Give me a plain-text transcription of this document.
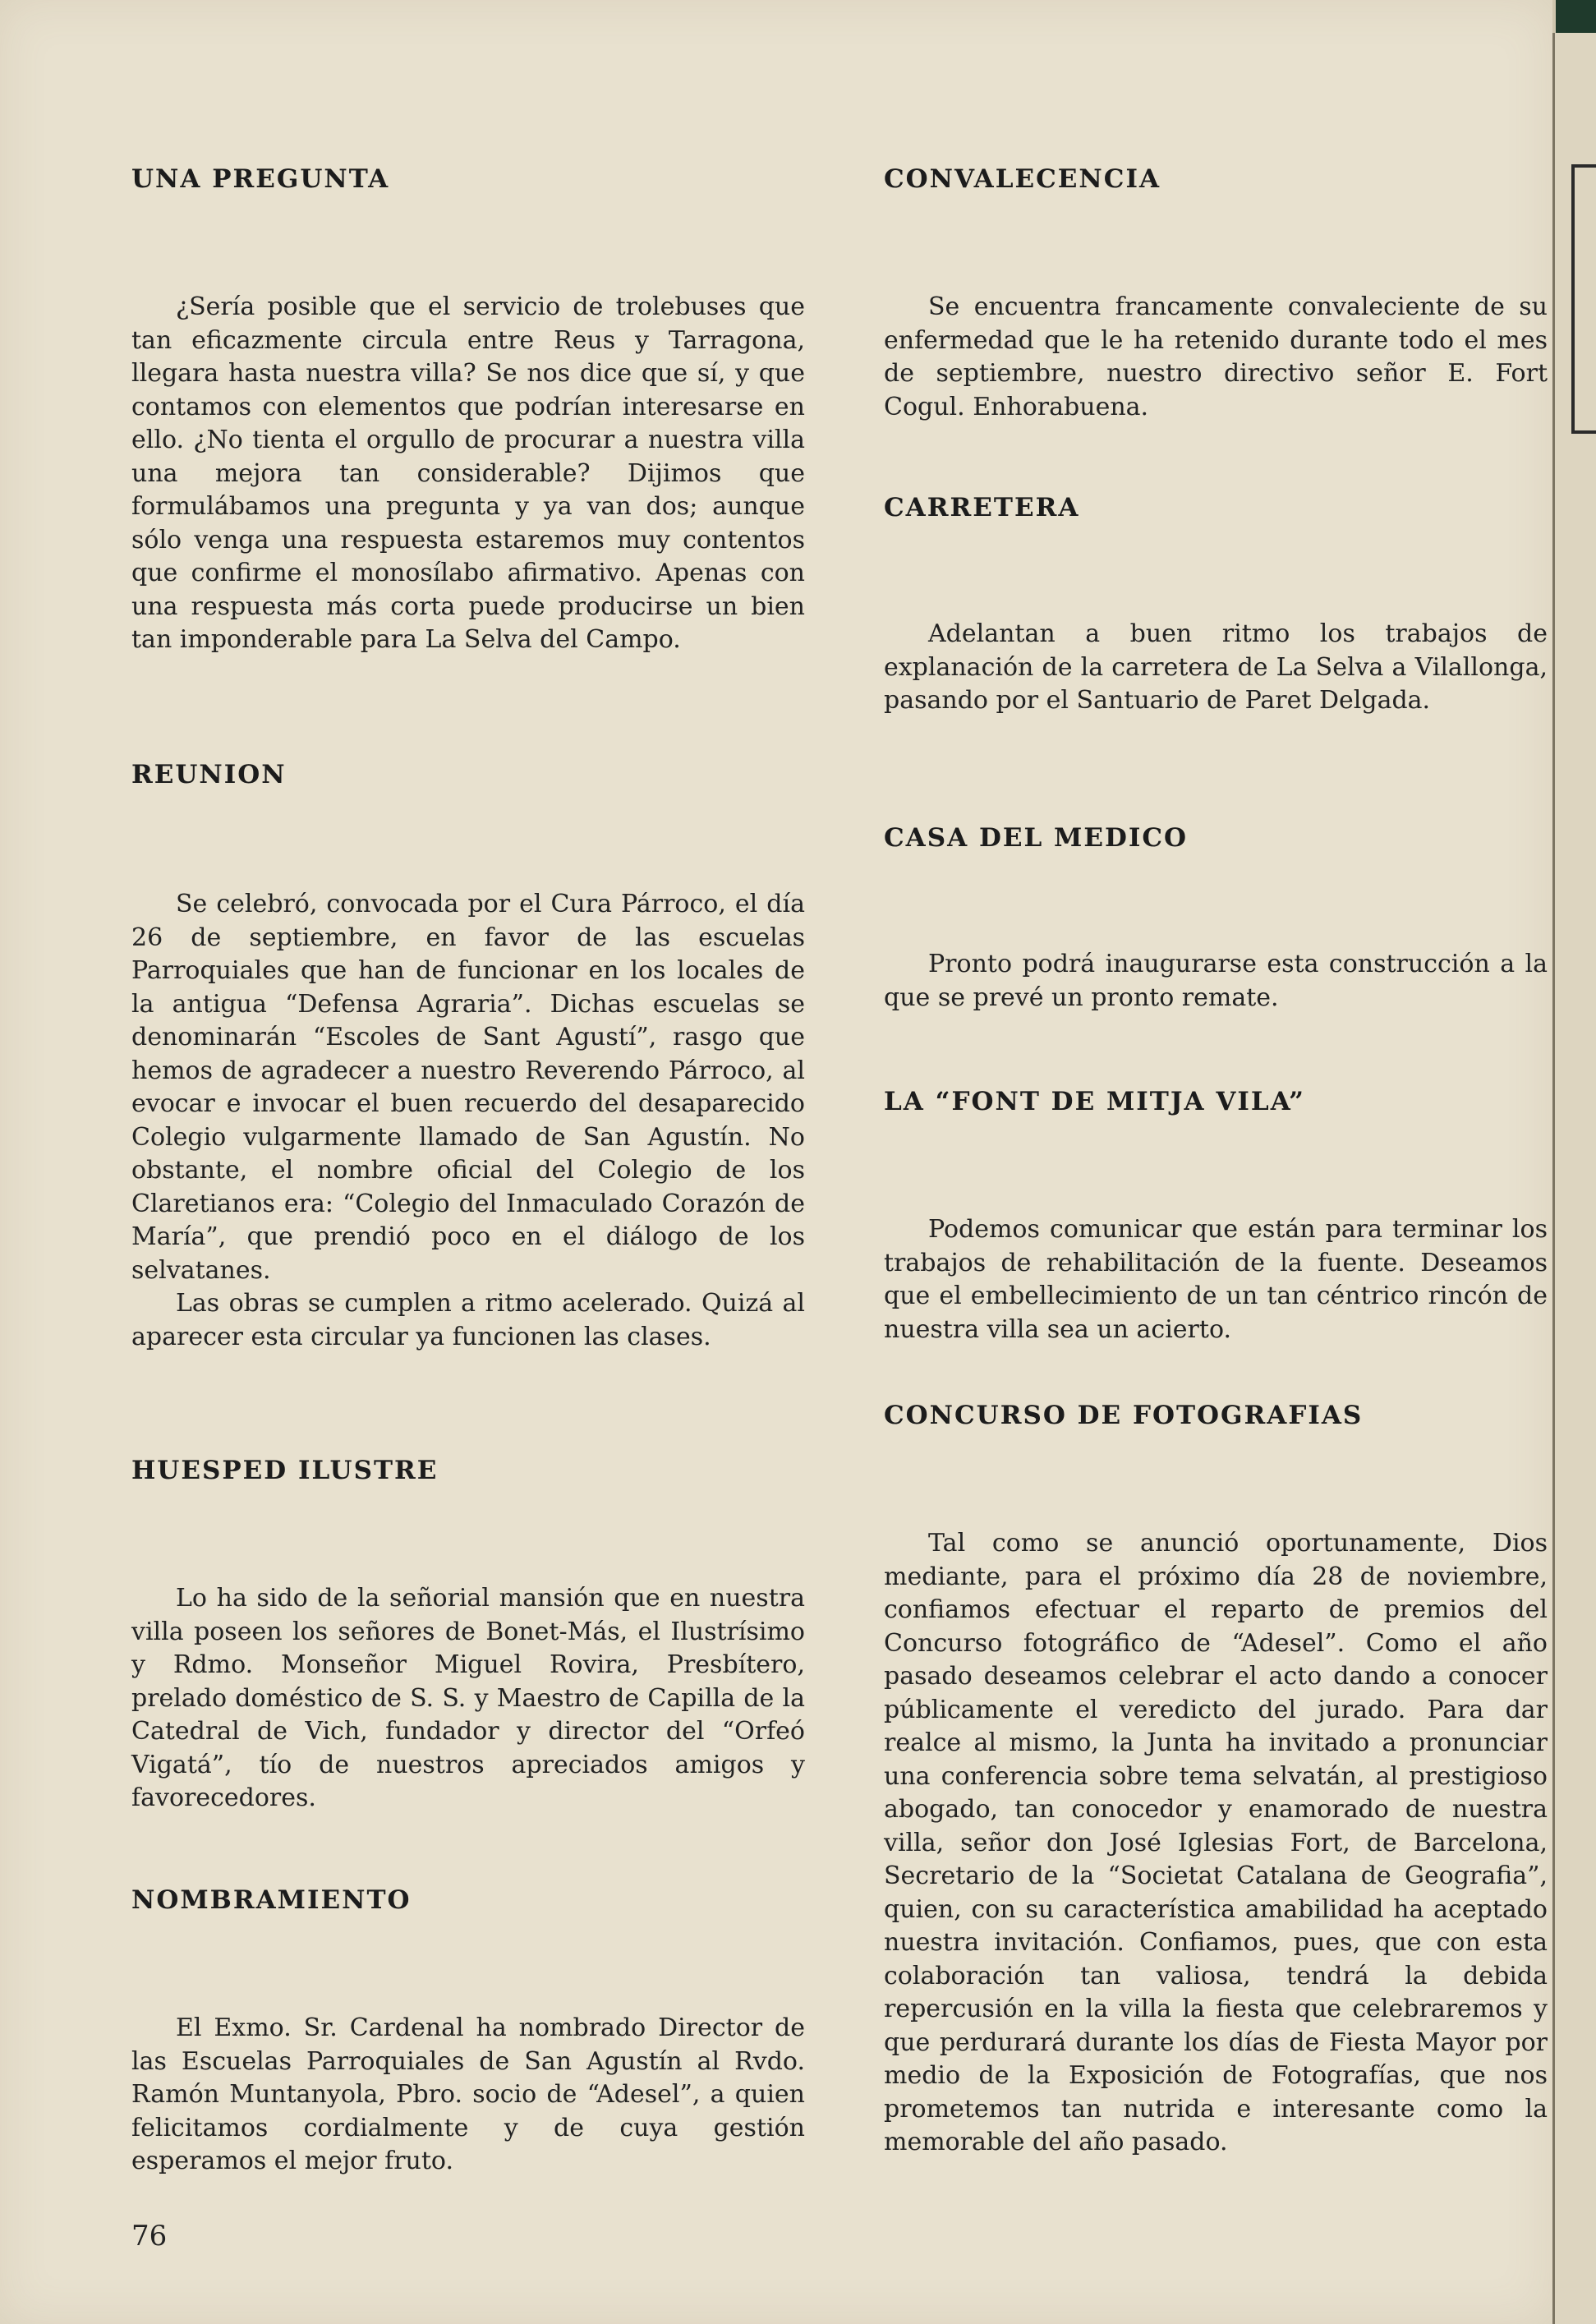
UNA PREGUNTA

¿Sería posible que el servicio de trolebuses que tan eficazmente circula entre Reus y Tarragona, llegara hasta nuestra villa? Se nos dice que sí, y que contamos con elementos que podrían interesarse en ello. ¿No tienta el orgullo de procurar a nuestra villa una mejora tan considerable? Dijimos que formulábamos una pregunta y ya van dos; aunque sólo venga una respuesta estaremos muy contentos que confirme el monosílabo afirmativo. Apenas con una respuesta más corta puede producirse un bien tan imponderable para La Selva del Campo.

REUNION

Se celebró, convocada por el Cura Párroco, el día 26 de septiembre, en favor de las escuelas Parroquiales que han de funcionar en los locales de la antigua “Defensa Agraria”. Dichas escuelas se denominarán “Escoles de Sant Agustí”, rasgo que hemos de agradecer a nuestro Reverendo Párroco, al evocar e invocar el buen recuerdo del desaparecido Colegio vulgarmente llamado de San Agustín. No obstante, el nombre oficial del Colegio de los Claretianos era: “Colegio del Inmaculado Corazón de María”, que prendió poco en el diálogo de los selvatanes.

Las obras se cumplen a ritmo acelerado. Quizá al aparecer esta circular ya funcionen las clases.

HUESPED ILUSTRE

Lo ha sido de la señorial mansión que en nuestra villa poseen los señores de Bonet-Más, el Ilustrísimo y Rdmo. Monseñor Miguel Rovira, Presbítero, prelado doméstico de S. S. y Maestro de Capilla de la Catedral de Vich, fundador y director del “Orfeó Vigatá”, tío de nuestros apreciados amigos y favorecedores.

NOMBRAMIENTO

El Exmo. Sr. Cardenal ha nombrado Director de las Escuelas Parroquiales de San Agustín al Rvdo. Ramón Muntanyola, Pbro. socio de “Adesel”, a quien felicitamos cordialmente y de cuya gestión esperamos el mejor fruto.

CONVALECENCIA

Se encuentra francamente convaleciente de su enfermedad que le ha retenido durante todo el mes de septiembre, nuestro directivo señor E. Fort Cogul. Enhorabuena.

CARRETERA

Adelantan a buen ritmo los trabajos de explanación de la carretera de La Selva a Vilallonga, pasando por el Santuario de Paret Delgada.

CASA DEL MEDICO

Pronto podrá inaugurarse esta construcción a la que se prevé un pronto remate.

LA “FONT DE MITJA VILA”

Podemos comunicar que están para terminar los trabajos de rehabilitación de la fuente. Deseamos que el embellecimiento de un tan céntrico rincón de nuestra villa sea un acierto.

CONCURSO DE FOTOGRAFIAS

Tal como se anunció oportunamente, Dios mediante, para el próximo día 28 de noviembre, confiamos efectuar el reparto de premios del Concurso fotográfico de “Adesel”. Como el año pasado deseamos celebrar el acto dando a conocer públicamente el veredicto del jurado. Para dar realce al mismo, la Junta ha invitado a pronunciar una conferencia sobre tema selvatán, al prestigioso abogado, tan conocedor y enamorado de nuestra villa, señor don José Iglesias Fort, de Barcelona, Secretario de la “Societat Catalana de Geografia”, quien, con su característica amabilidad ha aceptado nuestra invitación. Confiamos, pues, que con esta colaboración tan valiosa, tendrá la debida repercusión en la villa la fiesta que celebraremos y que perdurará durante los días de Fiesta Mayor por medio de la Exposición de Fotografías, que nos prometemos tan nutrida e interesante como la memorable del año pasado.

76
